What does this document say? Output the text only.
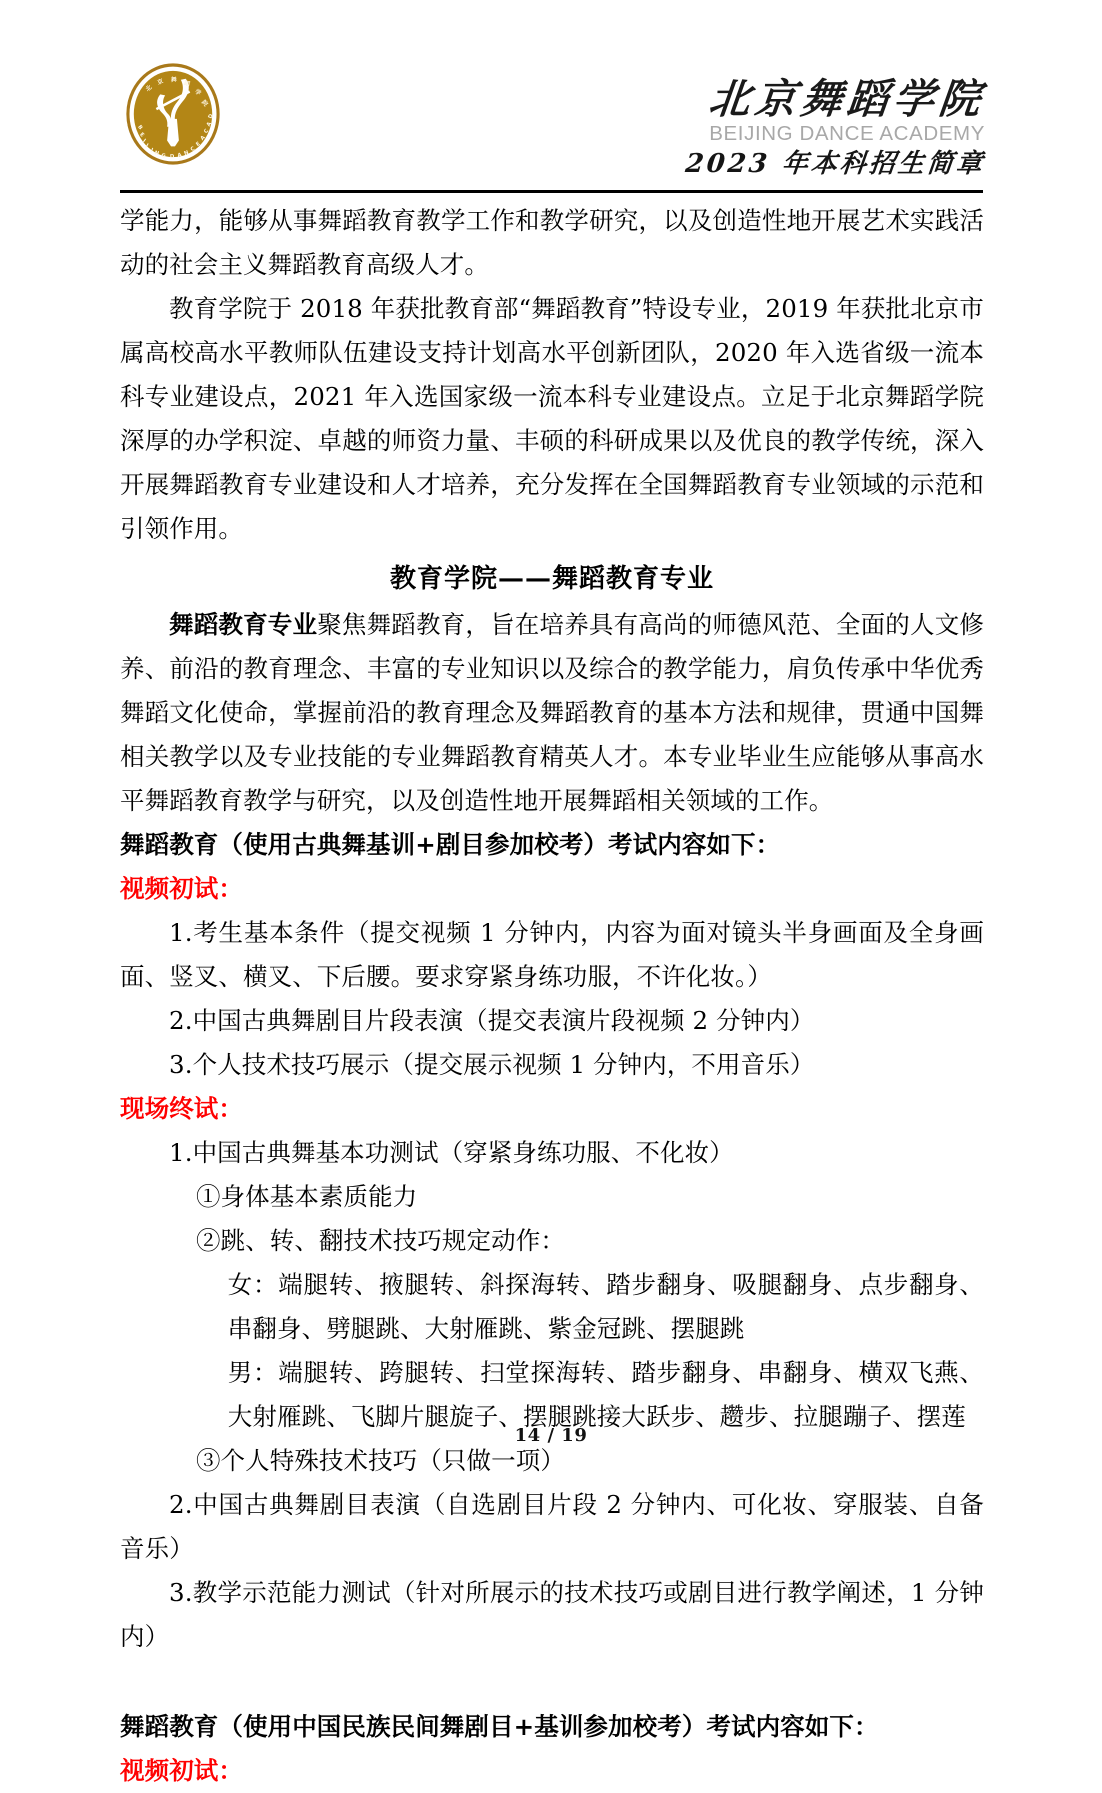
北
京 舞
蹈
学
院
B
E
I
J
I N G D A N
C
E
A
C
A
D	北京舞蹈学院
BEIJING DANCE ACADEMY
2023 年本科招生简章

学能力，能够从事舞蹈教育教学工作和教学研究，以及创造性地开展艺术实践活动的社会主义舞蹈教育高级人才。

教育学院于 2018 年获批教育部“舞蹈教育”特设专业，2019 年获批北京市属高校高水平教师队伍建设支持计划高水平创新团队，2020 年入选省级一流本科专业建设点，2021 年入选国家级一流本科专业建设点。立足于北京舞蹈学院深厚的办学积淀、卓越的师资力量、丰硕的科研成果以及优良的教学传统，深入开展舞蹈教育专业建设和人才培养，充分发挥在全国舞蹈教育专业领域的示范和引领作用。

教育学院——舞蹈教育专业

舞蹈教育专业聚焦舞蹈教育，旨在培养具有高尚的师德风范、全面的人文修养、前沿的教育理念、丰富的专业知识以及综合的教学能力，肩负传承中华优秀舞蹈文化使命，掌握前沿的教育理念及舞蹈教育的基本方法和规律，贯通中国舞相关教学以及专业技能的专业舞蹈教育精英人才。本专业毕业生应能够从事高水平舞蹈教育教学与研究，以及创造性地开展舞蹈相关领域的工作。

舞蹈教育（使用古典舞基训+剧目参加校考）考试内容如下：

视频初试：

1.考生基本条件（提交视频 1 分钟内，内容为面对镜头半身画面及全身画面、竖叉、横叉、下后腰。要求穿紧身练功服，不许化妆。）

2.中国古典舞剧目片段表演（提交表演片段视频 2 分钟内）

3.个人技术技巧展示（提交展示视频 1 分钟内，不用音乐）

现场终试：

1.中国古典舞基本功测试（穿紧身练功服、不化妆）

①身体基本素质能力

②跳、转、翻技术技巧规定动作：

女：端腿转、掖腿转、斜探海转、踏步翻身、吸腿翻身、点步翻身、串翻身、劈腿跳、大射雁跳、紫金冠跳、摆腿跳

男：端腿转、跨腿转、扫堂探海转、踏步翻身、串翻身、横双飞燕、大射雁跳、飞脚片腿旋子、摆腿跳接大跃步、趱步、拉腿蹦子、摆莲

③个人特殊技术技巧（只做一项）

2.中国古典舞剧目表演（自选剧目片段 2 分钟内、可化妆、穿服装、自备音乐）

3.教学示范能力测试（针对所展示的技术技巧或剧目进行教学阐述，1 分钟内）

舞蹈教育（使用中国民族民间舞剧目+基训参加校考）考试内容如下：

视频初试：

14 / 19
